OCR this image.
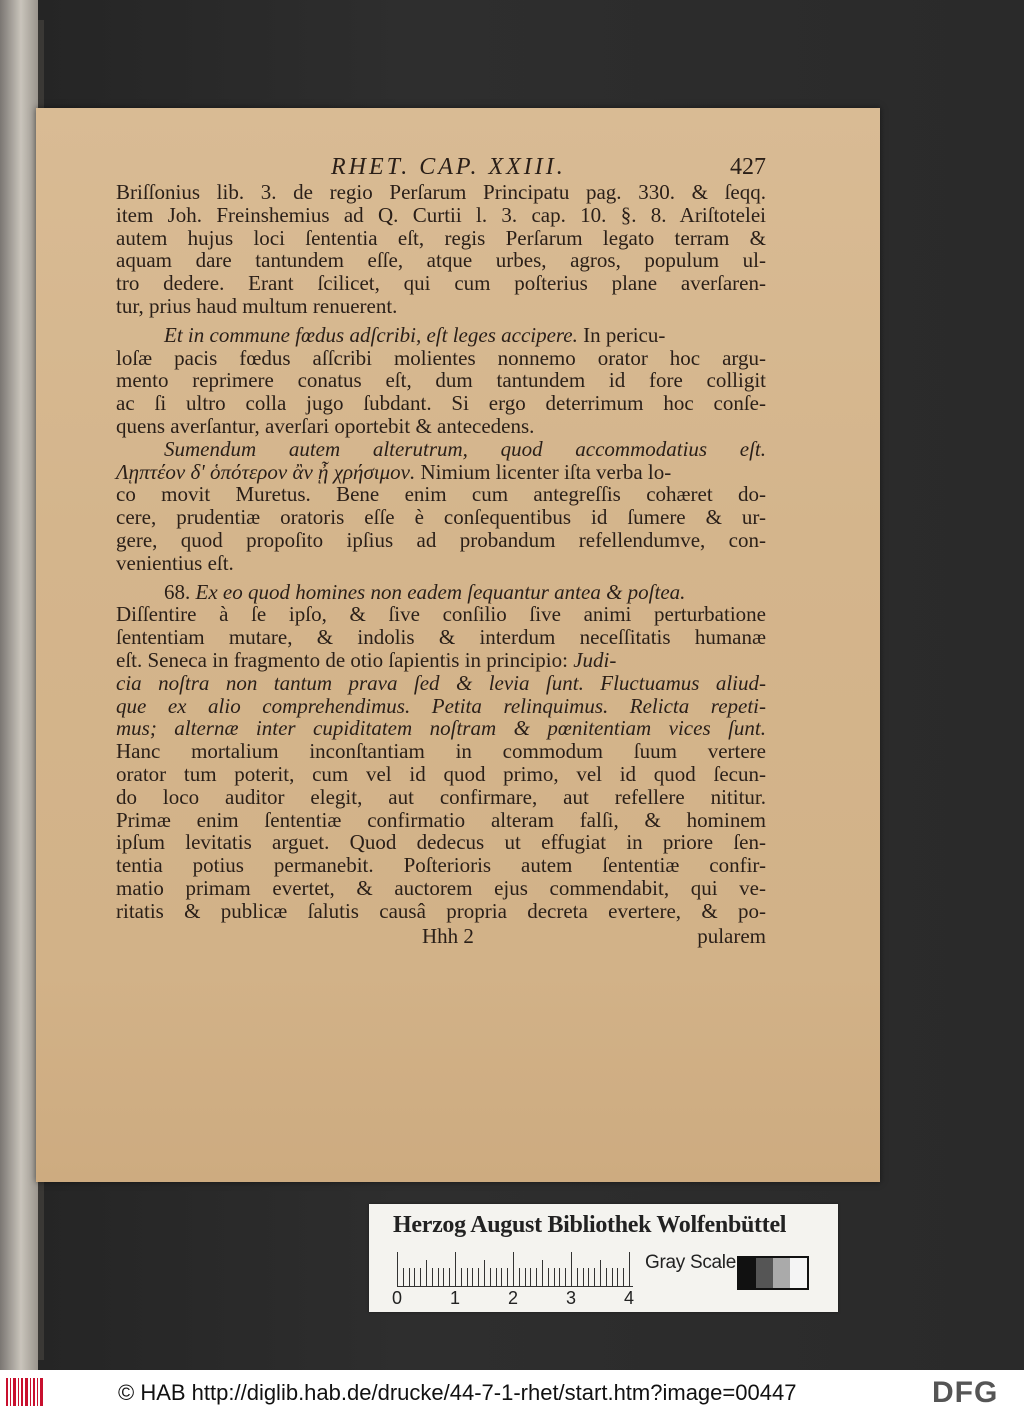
RHET. CAP. XXIII.	427
Briſſonius lib. 3. de regio Perſarum Principatu pag. 330. & ſeqq.
item Joh. Freinshemius ad Q. Curtii l. 3. cap. 10. §. 8. Ariſtotelei
autem hujus loci ſententia eſt, regis Perſarum legato terram &
aquam dare tantundem eſſe, atque urbes, agros, populum ul-
tro dedere. Erant ſcilicet, qui cum poſterius plane averſaren-
tur, prius haud multum renuerent.
Et in commune fœdus adſcribi, eſt leges accipere. In pericu-
loſæ pacis fœdus aſſcribi molientes nonnemo orator hoc argu-
mento reprimere conatus eſt, dum tantundem id fore colligit
ac ſi ultro colla jugo ſubdant. Si ergo deterrimum hoc conſe-
quens averſantur, averſari oportebit & antecedens.
Sumendum autem alterutrum, quod accommodatius eſt.
Λῃπτέον δ' ὁπότερον ἂν ᾖ χρήσιμον. Nimium licenter iſta verba lo-
co movit Muretus. Bene enim cum antegreſſis cohæret do-
cere, prudentiæ oratoris eſſe è conſequentibus id ſumere & ur-
gere, quod propoſito ipſius ad probandum refellendumve, con-
venientius eſt.
68. Ex eo quod homines non eadem ſequantur antea & poſtea.
Diſſentire à ſe ipſo, & ſive conſilio ſive animi perturbatione
ſententiam mutare, & indolis & interdum neceſſitatis humanæ
eſt. Seneca in fragmento de otio ſapientis in principio: Judi-
cia noſtra non tantum prava ſed & levia ſunt. Fluctuamus aliud-
que ex alio comprehendimus. Petita relinquimus. Relicta repeti-
mus; alternæ inter cupiditatem noſtram & pœnitentiam vices ſunt.
Hanc mortalium inconſtantiam in commodum ſuum vertere
orator tum poterit, cum vel id quod primo, vel id quod ſecun-
do loco auditor elegit, aut confirmare, aut refellere nititur.
Primæ enim ſententiæ confirmatio alteram falſi, & hominem
ipſum levitatis arguet. Quod dedecus ut effugiat in priore ſen-
tentia potius permanebit. Poſterioris autem ſententiæ confir-
matio primam evertet, & auctorem ejus commendabit, qui ve-
ritatis & publicæ ſalutis causâ propria decreta evertere, & po-
Hhh 2	pularem
Herzog August Bibliothek Wolfenbüttel
0	1	2	3	4
Gray Scale
© HAB http://diglib.hab.de/drucke/44-7-1-rhet/start.htm?image=00447	DFG
